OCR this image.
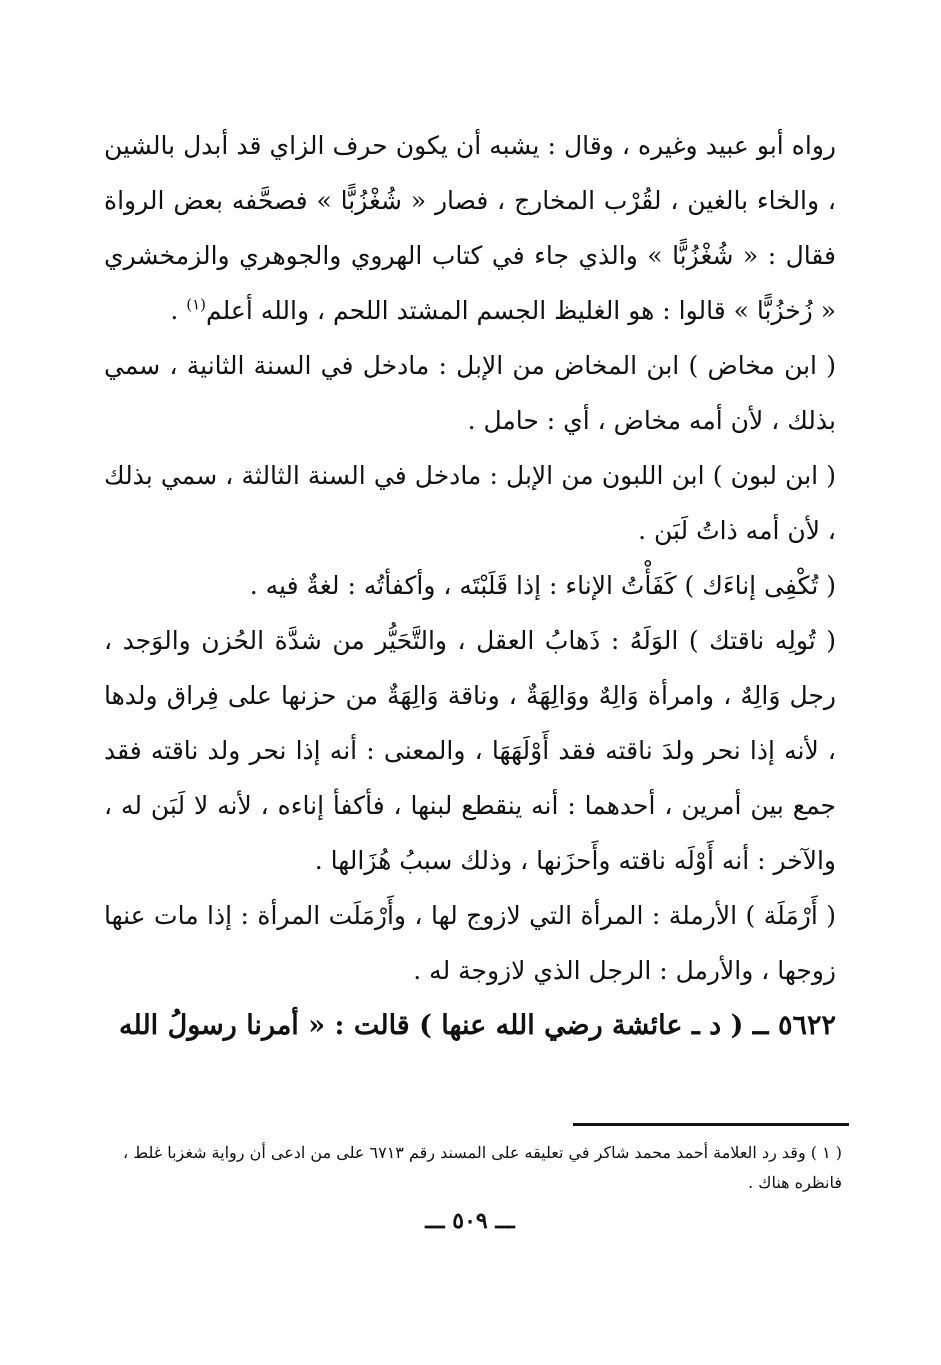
رواه أبو عبيد وغيره ، وقال : يشبه أن يكون حرف الزاي قد أبدل بالشين ، والخاء بالغين ، لقُرْب المخارج ، فصار « شُغْزُبًّا » فصحَّفه بعض الرواة فقال : « شُغْزُبًّا » والذي جاء في كتاب الهروي والجوهري والزمخشري « زُخزُبًّا » قالوا : هو الغليظ الجسم المشتد اللحم ، والله أعلم$^{(١)}$ .

( ابن مخاض ) ابن المخاض من الإبل : مادخل في السنة الثانية ، سمي بذلك ، لأن أمه مخاض ، أي : حامل .

( ابن لبون ) ابن اللبون من الإبل : مادخل في السنة الثالثة ، سمي بذلك ، لأن أمه ذاتُ لَبَن .

( تُكْفِى إناءَك ) كَفَأْتُ الإناء : إذا قَلَبْتَه ، وأكفأتُه : لغةٌ فيه .

( تُولِه ناقتك ) الوَلَهُ : ذَهابُ العقل ، والتَّحَيُّر من شدَّة الحُزن والوَجد ، رجل وَالِهٌ ، وامرأة وَالِهٌ ووَالِهَةٌ ، وناقة وَالِهَةٌ من حزنها على فِراق ولدها ، لأنه إذا نحر ولدَ ناقته فقد أَوْلَهَهَا ، والمعنى : أنه إذا نحر ولد ناقته فقد جمع بين أمرين ، أحدهما : أنه ينقطع لبنها ، فأكفأ إناءه ، لأنه لا لَبَن له ، والآخر : أنه أَوْلَه ناقته وأَحزَنها ، وذلك سببُ هُزَالها .

( أَرْمَلَة ) الأرملة : المرأة التي لازوج لها ، وأَرْمَلَت المرأة : إذا مات عنها زوجها ، والأرمل : الرجل الذي لازوجة له .

٥٦٢٢ ــ ( د ـ عائشة رضي الله عنها ) قالت : « أمرنا رسولُ الله

( ١ ) وقد رد العلامة أحمد محمد شاكر في تعليقه على المسند رقم ٦٧١٣ على من ادعى أن رواية شغزبا غلط ، فانظره هناك .
ـــ ٥٠٩ ـــ
